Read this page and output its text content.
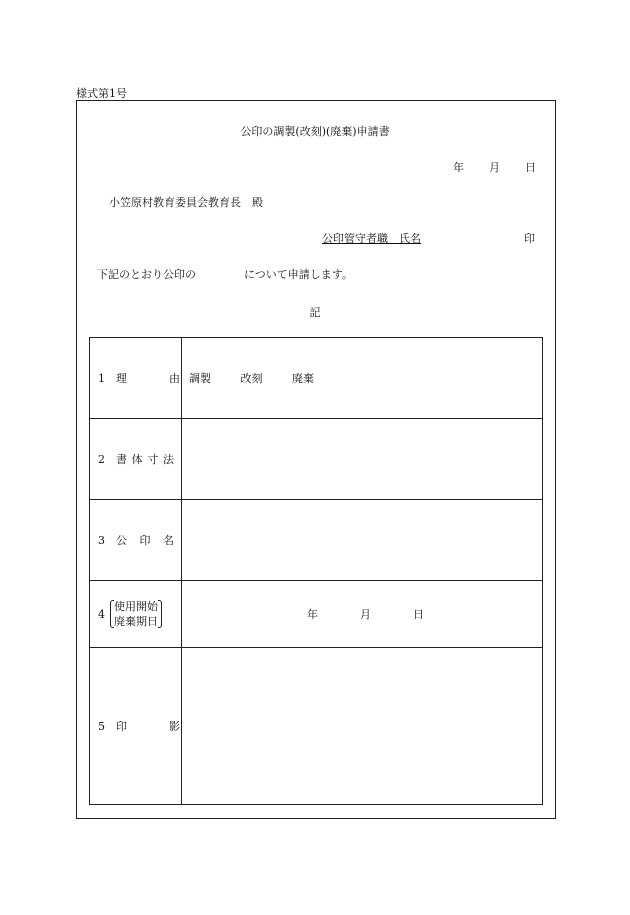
様式第1号
公印の調製(改刻)(廃棄)申請書
年 月 日
小笠原村教育委員会教育長　殿
公印管守者職　氏名	印
下記のとおり公印の	について申請します。
記
1 理 由	調製 改刻 廃棄

2 書 体 寸 法	

3 公 印 名	

4
使用開始
廃棄期日	年 月 日

5 印 影	
